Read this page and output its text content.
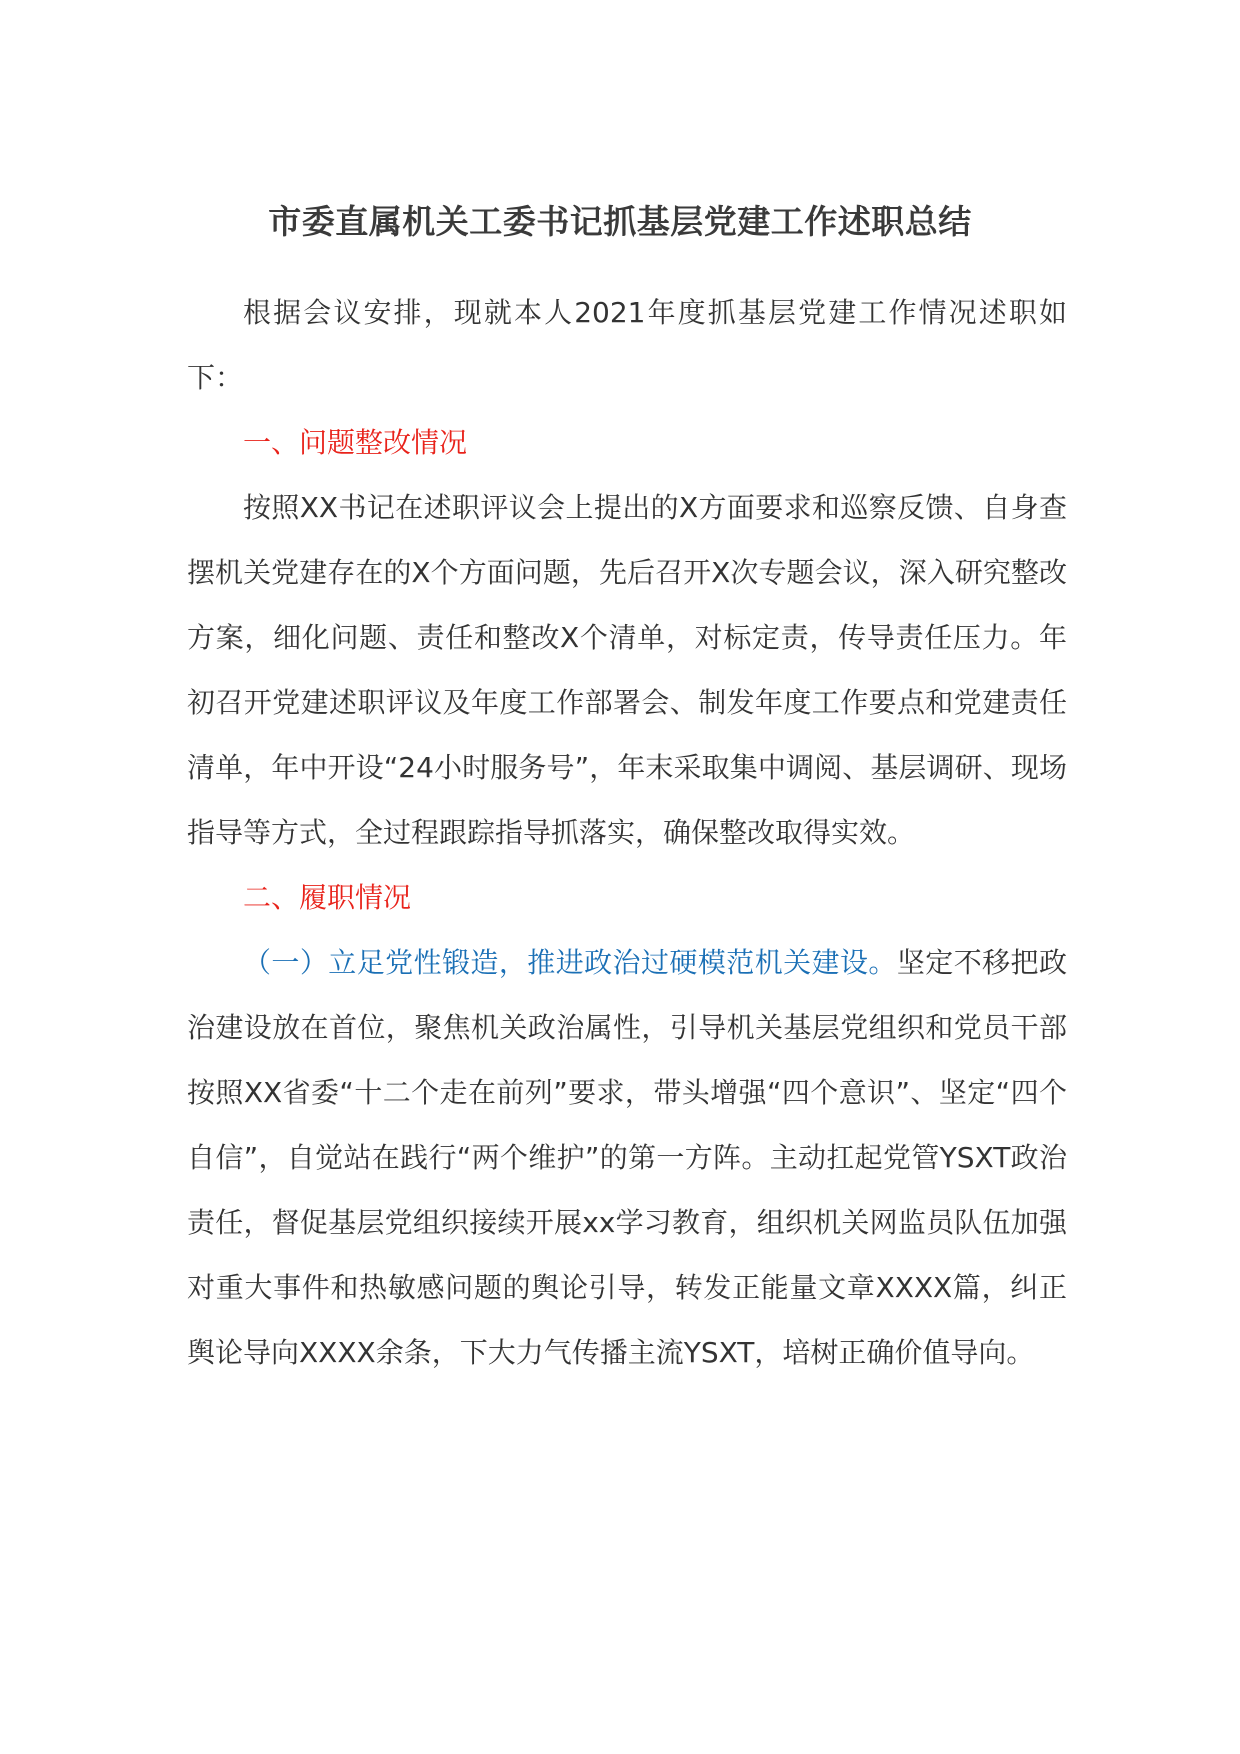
市委直属机关工委书记抓基层党建工作述职总结

根据会议安排，现就本人2021年度抓基层党建工作情况述职如下：

一、问题整改情况

按照XX书记在述职评议会上提出的X方面要求和巡察反馈、自身查摆机关党建存在的X个方面问题，先后召开X次专题会议，深入研究整改方案，细化问题、责任和整改X个清单，对标定责，传导责任压力。年初召开党建述职评议及年度工作部署会、制发年度工作要点和党建责任清单，年中开设“24小时服务号”，年末采取集中调阅、基层调研、现场指导等方式，全过程跟踪指导抓落实，确保整改取得实效。

二、履职情况

（一）立足党性锻造，推进政治过硬模范机关建设。坚定不移把政治建设放在首位，聚焦机关政治属性，引导机关基层党组织和党员干部按照XX省委“十二个走在前列”要求，带头增强“四个意识”、坚定“四个自信”，自觉站在践行“两个维护”的第一方阵。主动扛起党管YSXT政治责任，督促基层党组织接续开展xx学习教育，组织机关网监员队伍加强对重大事件和热敏感问题的舆论引导，转发正能量文章XXXX篇，纠正舆论导向XXXX余条，下大力气传播主流YSXT，培树正确价值导向。
